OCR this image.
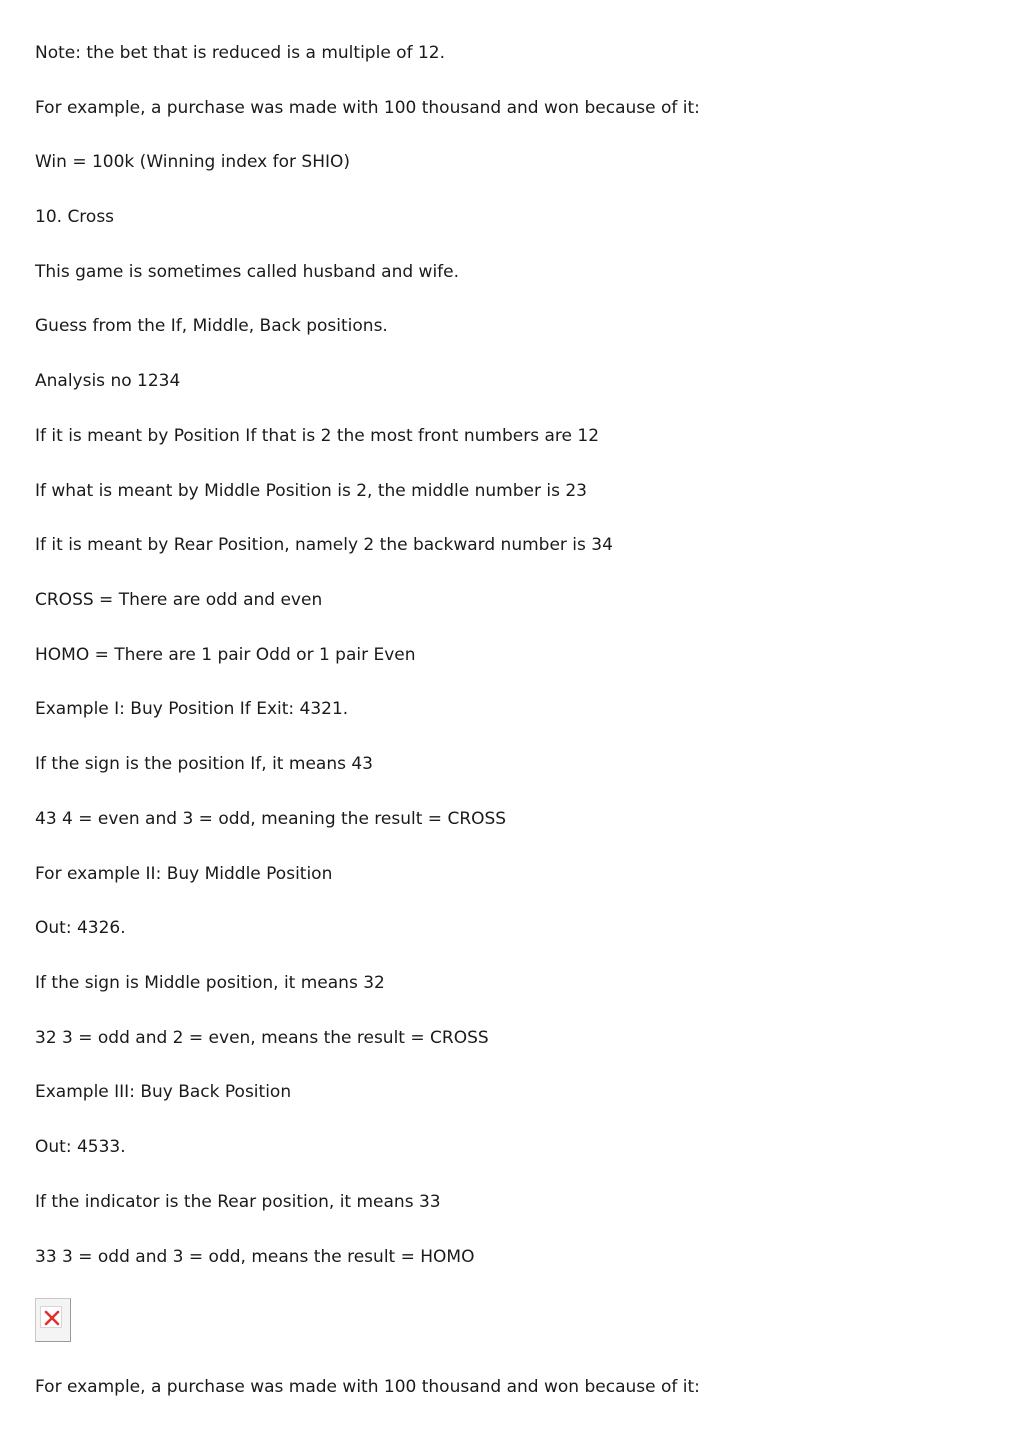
Note: the bet that is reduced is a multiple of 12.

For example, a purchase was made with 100 thousand and won because of it:

Win = 100k (Winning index for SHIO)

10. Cross

This game is sometimes called husband and wife.

Guess from the If, Middle, Back positions.

Analysis no 1234

If it is meant by Position If that is 2 the most front numbers are 12

If what is meant by Middle Position is 2, the middle number is 23

If it is meant by Rear Position, namely 2 the backward number is 34

CROSS = There are odd and even

HOMO = There are 1 pair Odd or 1 pair Even

Example I: Buy Position If Exit: 4321.

If the sign is the position If, it means 43

43 4 = even and 3 = odd, meaning the result = CROSS

For example II: Buy Middle Position

Out: 4326.

If the sign is Middle position, it means 32

32 3 = odd and 2 = even, means the result = CROSS

Example III: Buy Back Position

Out: 4533.

If the indicator is the Rear position, it means 33

33 3 = odd and 3 = odd, means the result = HOMO

For example, a purchase was made with 100 thousand and won because of it:
